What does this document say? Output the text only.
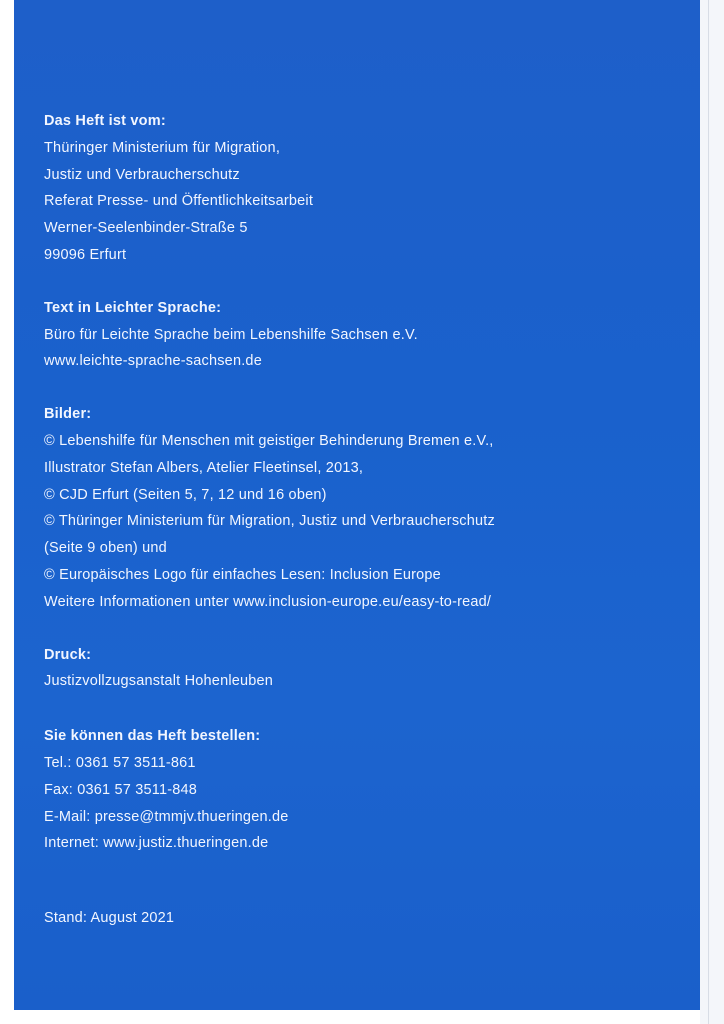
Das Heft ist vom:
Thüringer Ministerium für Migration,
Justiz und Verbraucherschutz
Referat Presse- und Öffentlichkeitsarbeit
Werner-Seelenbinder-Straße 5
99096 Erfurt
Text in Leichter Sprache:
Büro für Leichte Sprache beim Lebenshilfe Sachsen e.V.
www.leichte-sprache-sachsen.de
Bilder:
© Lebenshilfe für Menschen mit geistiger Behinderung Bremen e.V.,
Illustrator Stefan Albers, Atelier Fleetinsel, 2013,
© CJD Erfurt (Seiten 5, 7, 12 und 16 oben)
© Thüringer Ministerium für Migration, Justiz und Verbraucherschutz
(Seite 9 oben) und
© Europäisches Logo für einfaches Lesen: Inclusion Europe
Weitere Informationen unter www.inclusion-europe.eu/easy-to-read/
Druck:
Justizvollzugsanstalt Hohenleuben
Sie können das Heft bestellen:
Tel.: 0361 57 3511-861
Fax: 0361 57 3511-848
E-Mail: presse@tmmjv.thueringen.de
Internet: www.justiz.thueringen.de
Stand: August 2021
